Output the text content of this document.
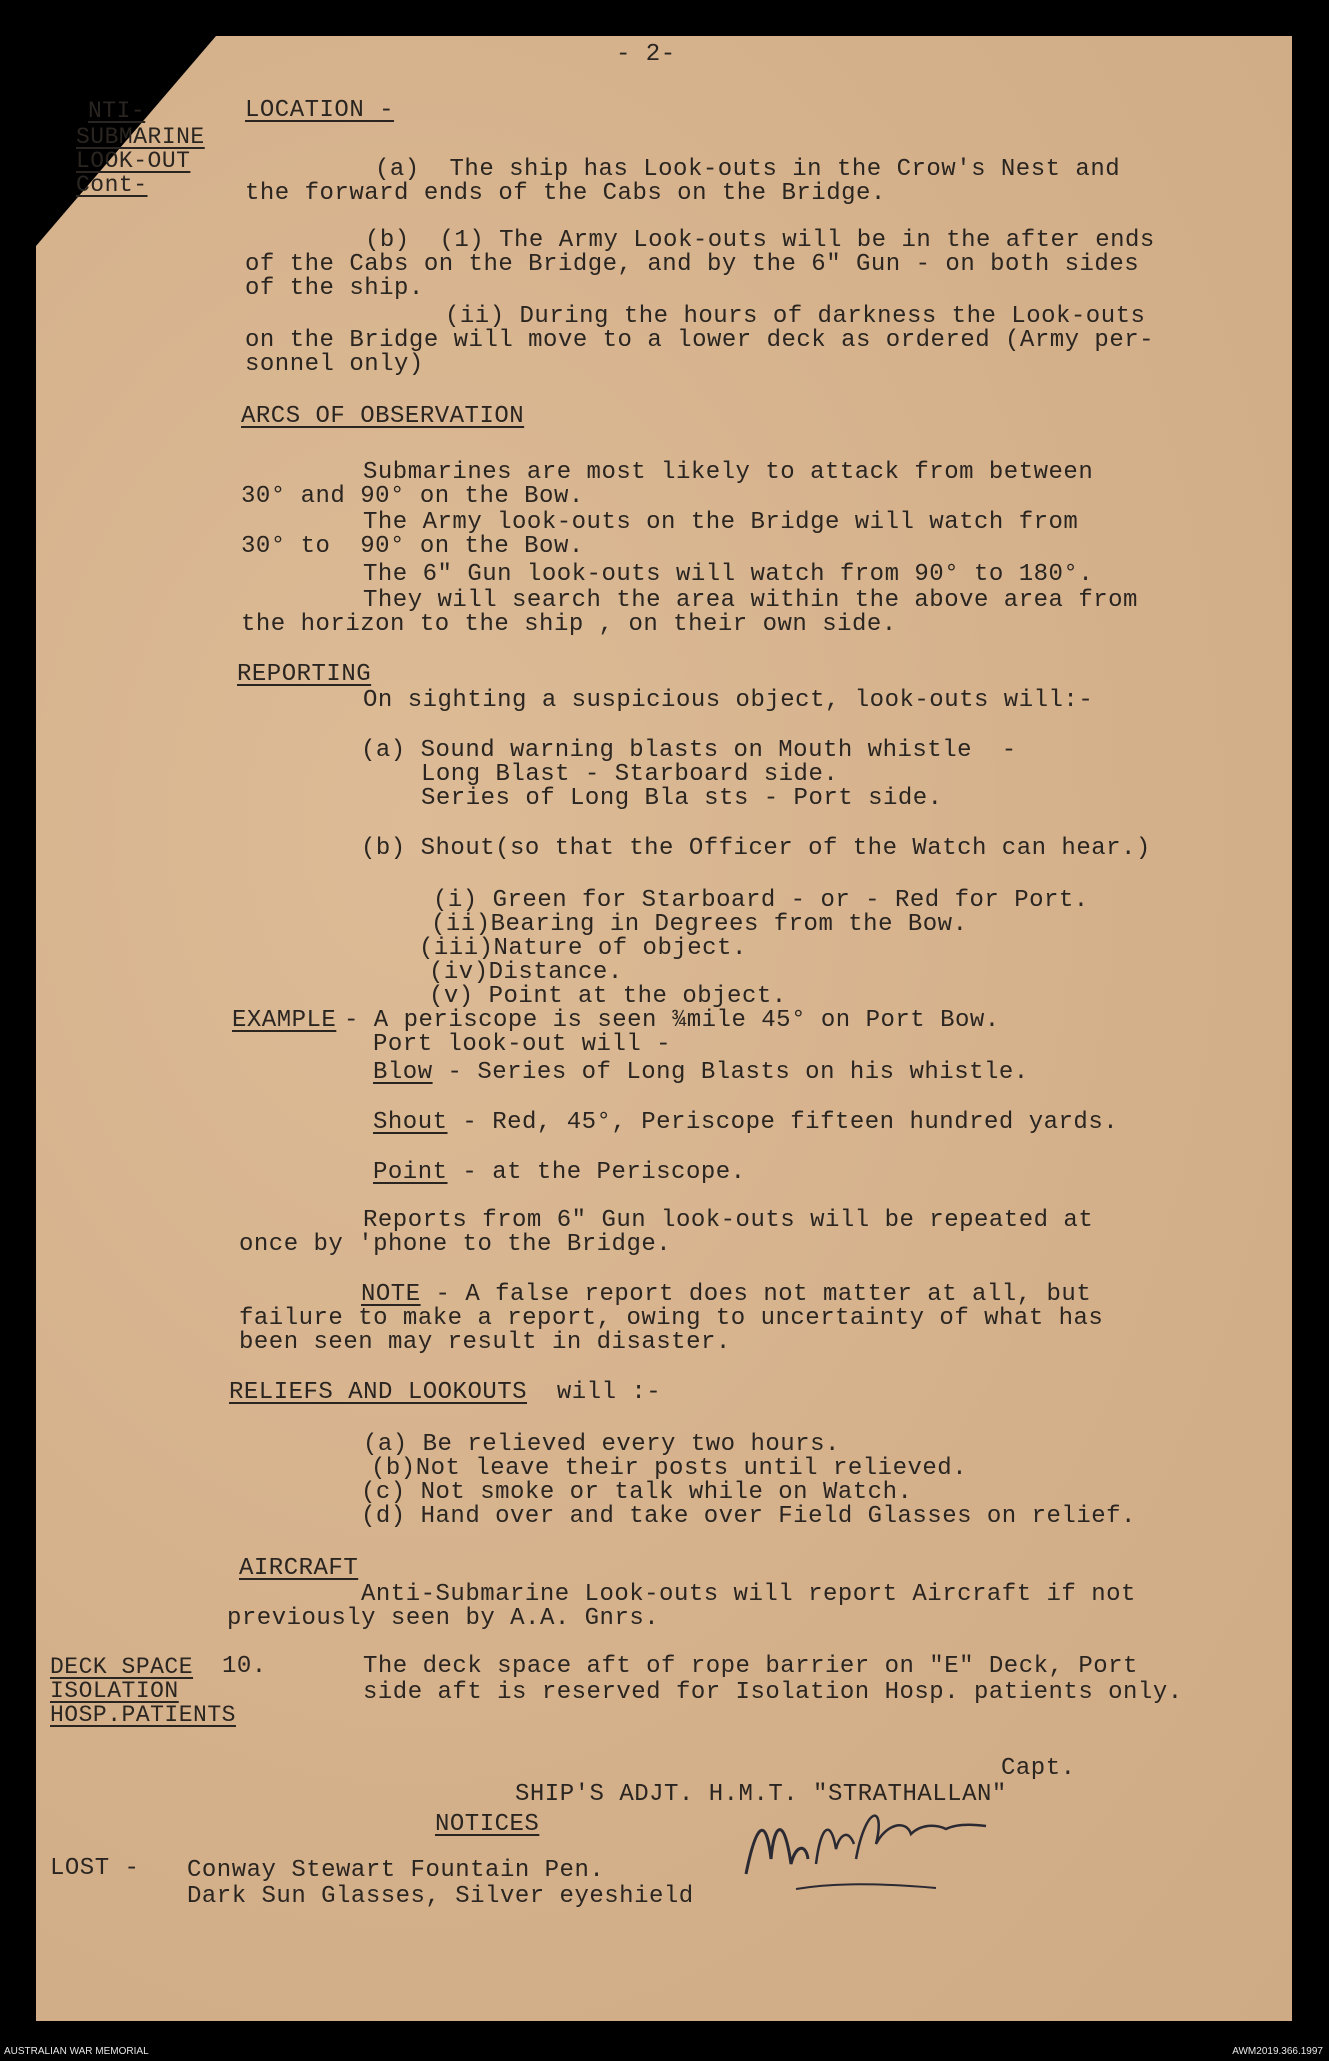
- 2-
NTI-
SUBMARINE
LOOK-OUT
Cont-
LOCATION -
(a)  The ship has Look-outs in the Crow's Nest and
the forward ends of the Cabs on the Bridge.
(b)  (1) The Army Look-outs will be in the after ends
of the Cabs on the Bridge, and by the 6" Gun - on both sides
of the ship.
(ii) During the hours of darkness the Look-outs
on the Bridge will move to a lower deck as ordered (Army per-
sonnel only)
ARCS OF OBSERVATION
Submarines are most likely to attack from between
30° and 90° on the Bow.
The Army look-outs on the Bridge will watch from
30° to  90° on the Bow.
The 6" Gun look-outs will watch from 90° to 180°.
They will search the area within the above area from
the horizon to the ship , on their own side.
REPORTING
On sighting a suspicious object, look-outs will:-
(a) Sound warning blasts on Mouth whistle  -
Long Blast - Starboard side.
Series of Long Bla sts - Port side.
(b) Shout(so that the Officer of the Watch can hear.)
(i) Green for Starboard - or - Red for Port.
(ii)Bearing in Degrees from the Bow.
(iii)Nature of object.
(iv)Distance.
(v) Point at the object.
EXAMPLE - A periscope is seen ¾mile 45° on Port Bow.
Port look-out will -
Blow - Series of Long Blasts on his whistle.
Shout - Red, 45°, Periscope fifteen hundred yards.
Point - at the Periscope.
Reports from 6" Gun look-outs will be repeated at
once by 'phone to the Bridge.
NOTE - A false report does not matter at all, but
failure to make a report, owing to uncertainty of what has
been seen may result in disaster.
RELIEFS AND LOOKOUTS will :-
(a) Be relieved every two hours.
(b)Not leave their posts until relieved.
(c) Not smoke or talk while on Watch.
(d) Hand over and take over Field Glasses on relief.
AIRCRAFT
Anti-Submarine Look-outs will report Aircraft if not
previously seen by A.A. Gnrs.
DECK SPACE 10.
ISOLATION
HOSP.PATIENTS
The deck space aft of rope barrier on "E" Deck, Port
side aft is reserved for Isolation Hosp. patients only.
Capt.
SHIP'S ADJT. H.M.T. "STRATHALLAN"
NOTICES
LOST - Conway Stewart Fountain Pen.
Dark Sun Glasses, Silver eyeshield
AUSTRALIAN WAR MEMORIAL	AWM2019.366.1997
